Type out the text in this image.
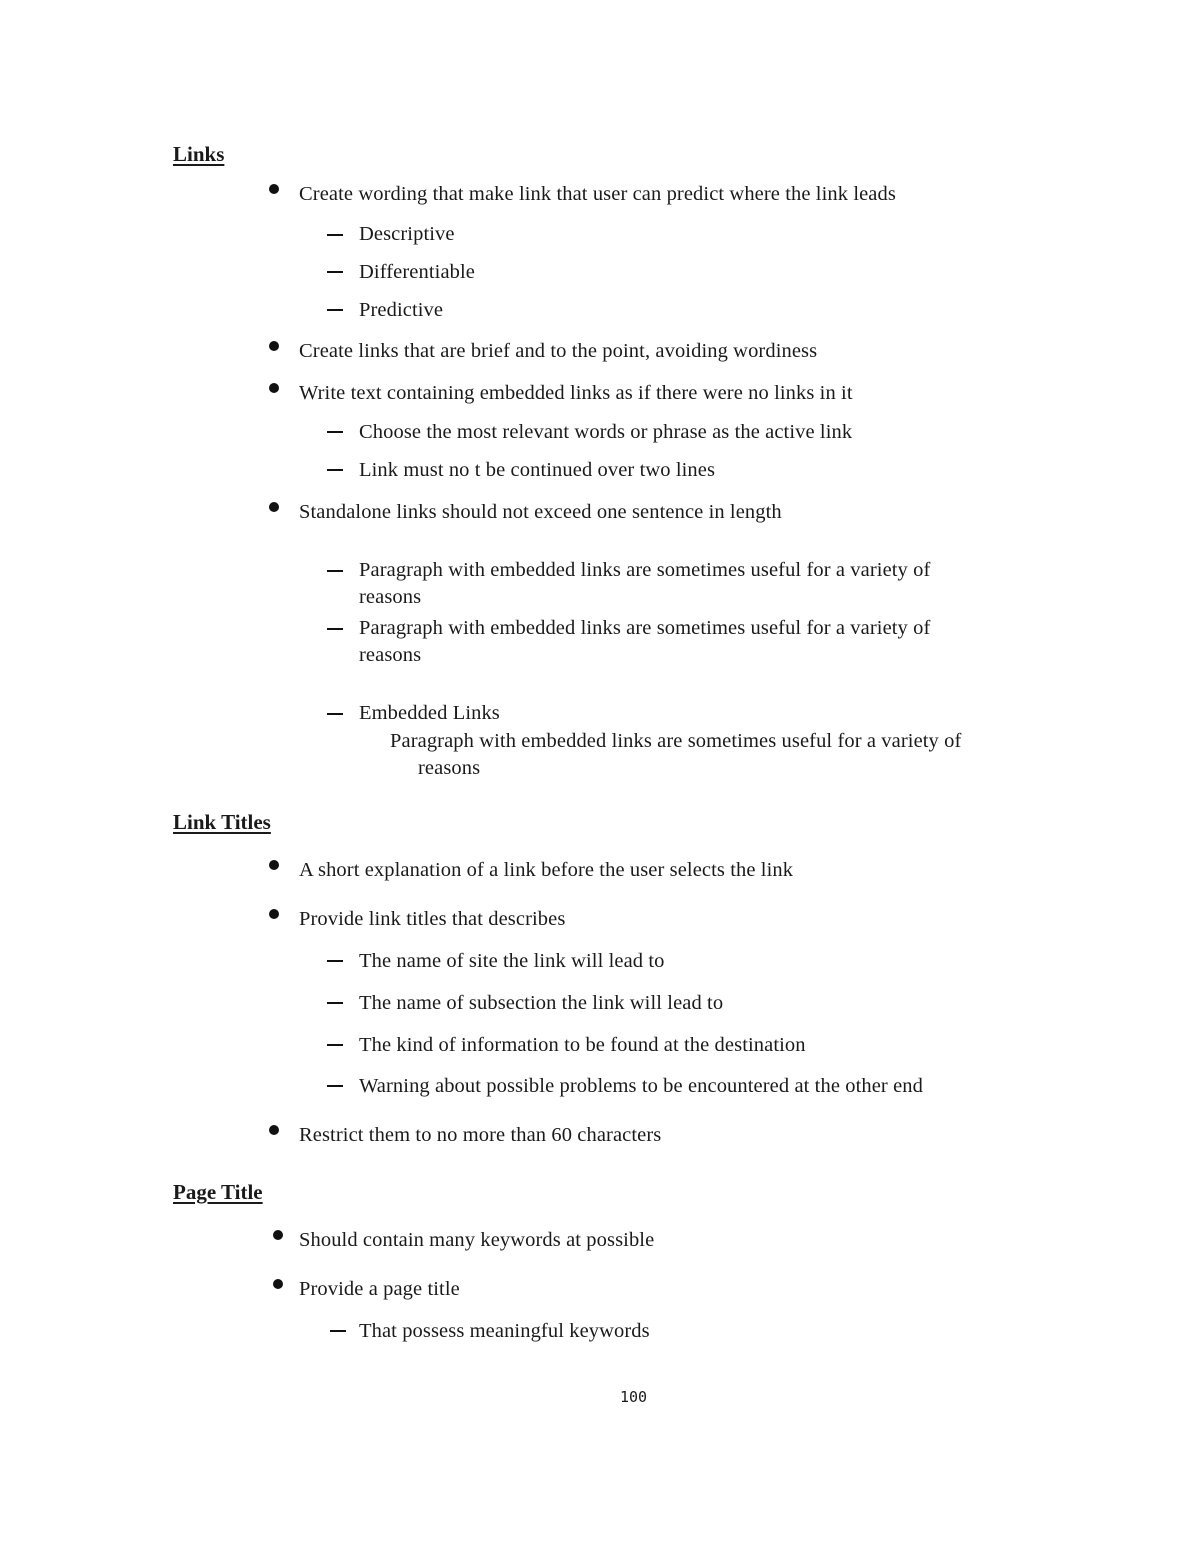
Links
Create wording that make link that user can predict where the link leads
Descriptive
Differentiable
Predictive
Create links that are brief and to the point, avoiding wordiness
Write text containing embedded links as if there were no links in it
Choose the most relevant words or phrase as the active link
Link must no t be continued over two lines
Standalone links should not exceed one sentence in length
Paragraph with embedded links are sometimes useful for a variety of
reasons
Paragraph with embedded links are sometimes useful for a variety of
reasons
Embedded Links
Paragraph with embedded links are sometimes useful for a variety of
reasons
Link Titles
A short explanation of a link before the user selects the link
Provide link titles that describes
The name of site the link will lead to
The name of subsection the link will lead to
The kind of information to be found at the destination
Warning about possible problems to be encountered at the other end
Restrict them to no more than 60 characters
Page Title
Should contain many keywords at possible
Provide a page title
That possess meaningful keywords
100
